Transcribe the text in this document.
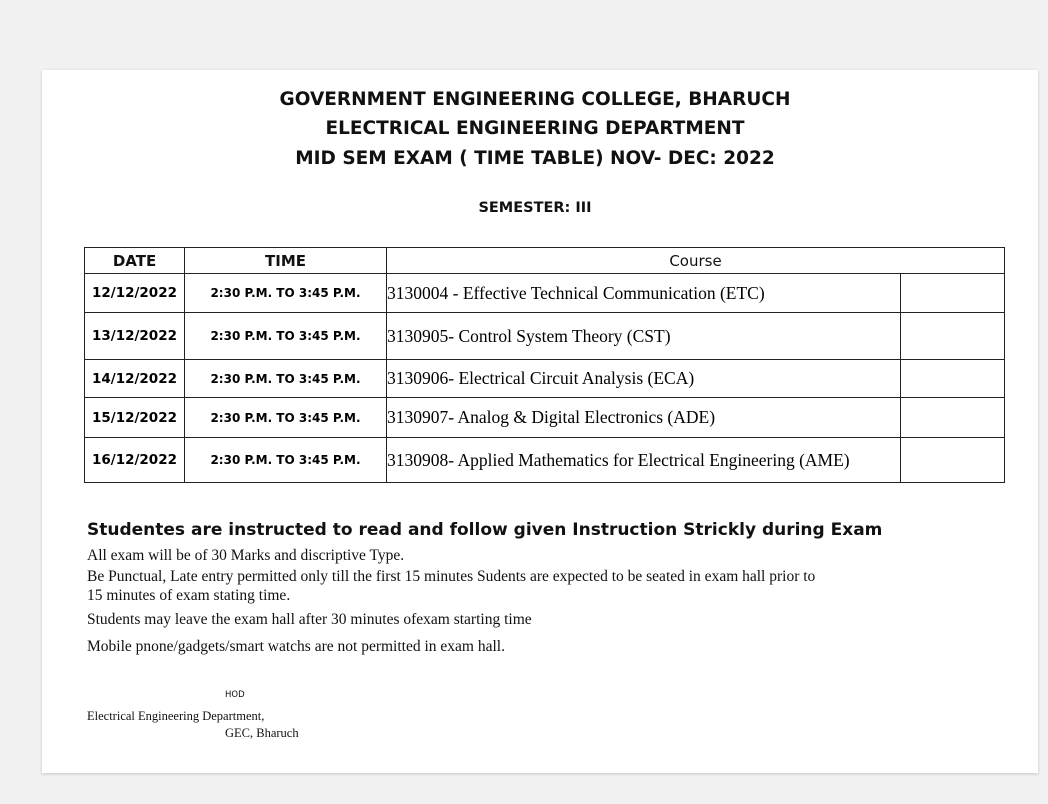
GOVERNMENT ENGINEERING COLLEGE, BHARUCH
ELECTRICAL ENGINEERING DEPARTMENT
MID SEM EXAM ( TIME TABLE) NOV- DEC: 2022
SEMESTER: III
DATE	TIME	Course	
12/12/2022	2:30 P.M. TO 3:45 P.M.	3130004 - Effective Technical Communication (ETC)	
13/12/2022	2:30 P.M. TO 3:45 P.M.	3130905- Control System Theory (CST)	
14/12/2022	2:30 P.M. TO 3:45 P.M.	3130906- Electrical Circuit Analysis (ECA)	
15/12/2022	2:30 P.M. TO 3:45 P.M.	3130907- Analog & Digital Electronics (ADE)	
16/12/2022	2:30 P.M. TO 3:45 P.M.	3130908- Applied Mathematics for Electrical Engineering (AME)	
Studentes are instructed to read and follow given Instruction Strickly during Exam
All exam will be of 30 Marks and discriptive Type.
Be Punctual, Late entry permitted only till the first 15 minutes Sudents are expected to be seated in exam hall prior to
15 minutes of exam stating time.
Students may leave the exam hall after 30 minutes ofexam starting time
Mobile pnone/gadgets/smart watchs are not permitted in exam hall.
HOD
Electrical Engineering Department,
GEC, Bharuch
